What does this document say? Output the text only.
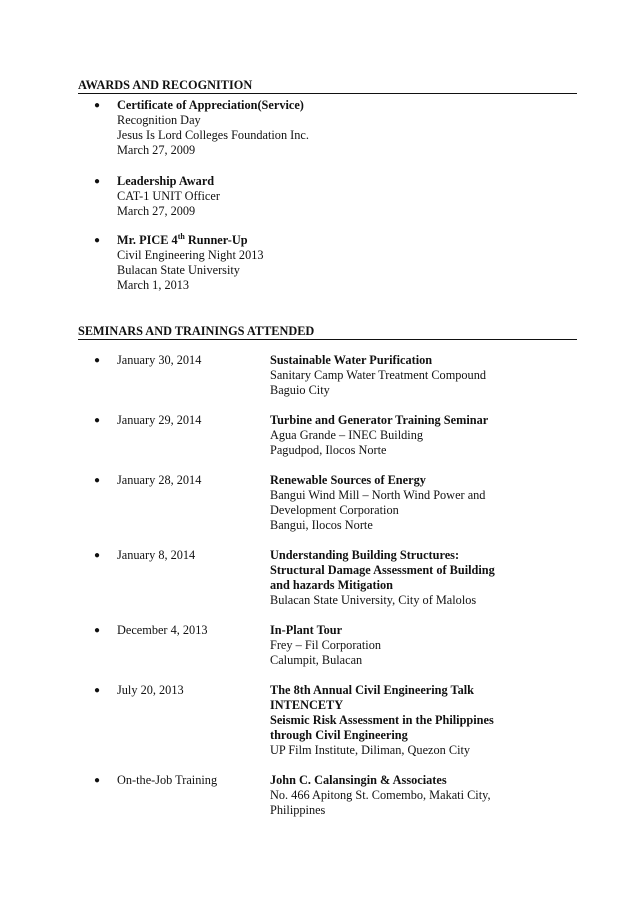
AWARDS AND RECOGNITION
● Certificate of Appreciation(Service)
Recognition Day
Jesus Is Lord Colleges Foundation Inc.
March 27, 2009
● Leadership Award
CAT-1 UNIT Officer
March 27, 2009
● Mr. PICE 4th Runner-Up
Civil Engineering Night 2013
Bulacan State University
March 1, 2013
SEMINARS AND TRAININGS ATTENDED
● January 30, 2014	Sustainable Water Purification
Sanitary Camp Water Treatment Compound
Baguio City
● January 29, 2014	Turbine and Generator Training Seminar
Agua Grande – INEC Building
Pagudpod, Ilocos Norte
● January 28, 2014	Renewable Sources of Energy
Bangui Wind Mill – North Wind Power and
Development Corporation
Bangui, Ilocos Norte
● January 8, 2014	Understanding Building Structures:
Structural Damage Assessment of Building
and hazards Mitigation
Bulacan State University, City of Malolos
● December 4, 2013	In-Plant Tour
Frey – Fil Corporation
Calumpit, Bulacan
● July 20, 2013	The 8th Annual Civil Engineering Talk
INTENCETY
Seismic Risk Assessment in the Philippines
through Civil Engineering
UP Film Institute, Diliman, Quezon City
● On-the-Job Training	John C. Calansingin & Associates
No. 466 Apitong St. Comembo, Makati City,
Philippines
